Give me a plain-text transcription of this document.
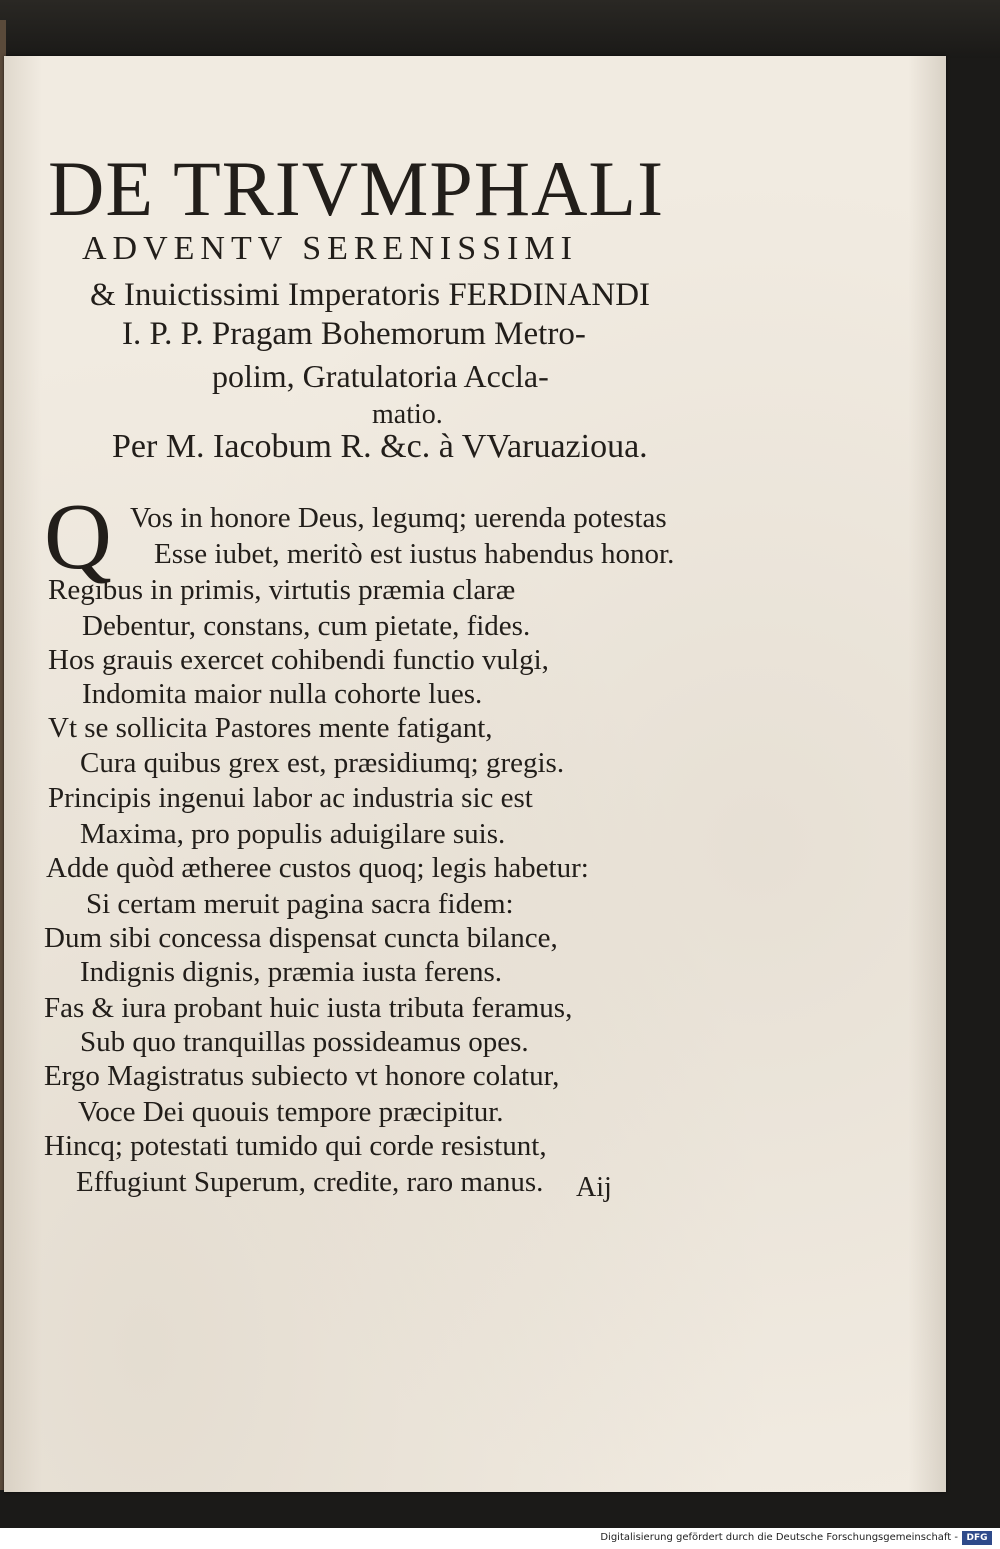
DE TRIVMPHALI
ADVENTV SERENISSIMI
& Inuictissimi Imperatoris FERDINANDI
I. P. P. Pragam Bohemorum Metro-
polim, Gratulatoria Accla-
matio.
Per M. Iacobum R. &c. à VVaruazioua.
Q Vos in honore Deus, legumq; uerenda potestas
Esse iubet, meritò est iustus habendus honor.
Regibus in primis, virtutis præmia claræ
Debentur, constans, cum pietate, fides.
Hos grauis exercet cohibendi functio vulgi,
Indomita maior nulla cohorte lues.
Vt se sollicita Pastores mente fatigant,
Cura quibus grex est, præsidiumq; gregis.
Principis ingenui labor ac industria sic est
Maxima, pro populis aduigilare suis.
Adde quòd ætheree custos quoq; legis habetur:
Si certam meruit pagina sacra fidem:
Dum sibi concessa dispensat cuncta bilance,
Indignis dignis, præmia iusta ferens.
Fas & iura probant huic iusta tributa feramus,
Sub quo tranquillas possideamus opes.
Ergo Magistratus subiecto vt honore colatur,
Voce Dei quouis tempore præcipitur.
Hincq; potestati tumido qui corde resistunt,
Effugiunt Superum, credite, raro manus. Aij
Digitalisierung gefördert durch die Deutsche Forschungsgemeinschaft - DFG
